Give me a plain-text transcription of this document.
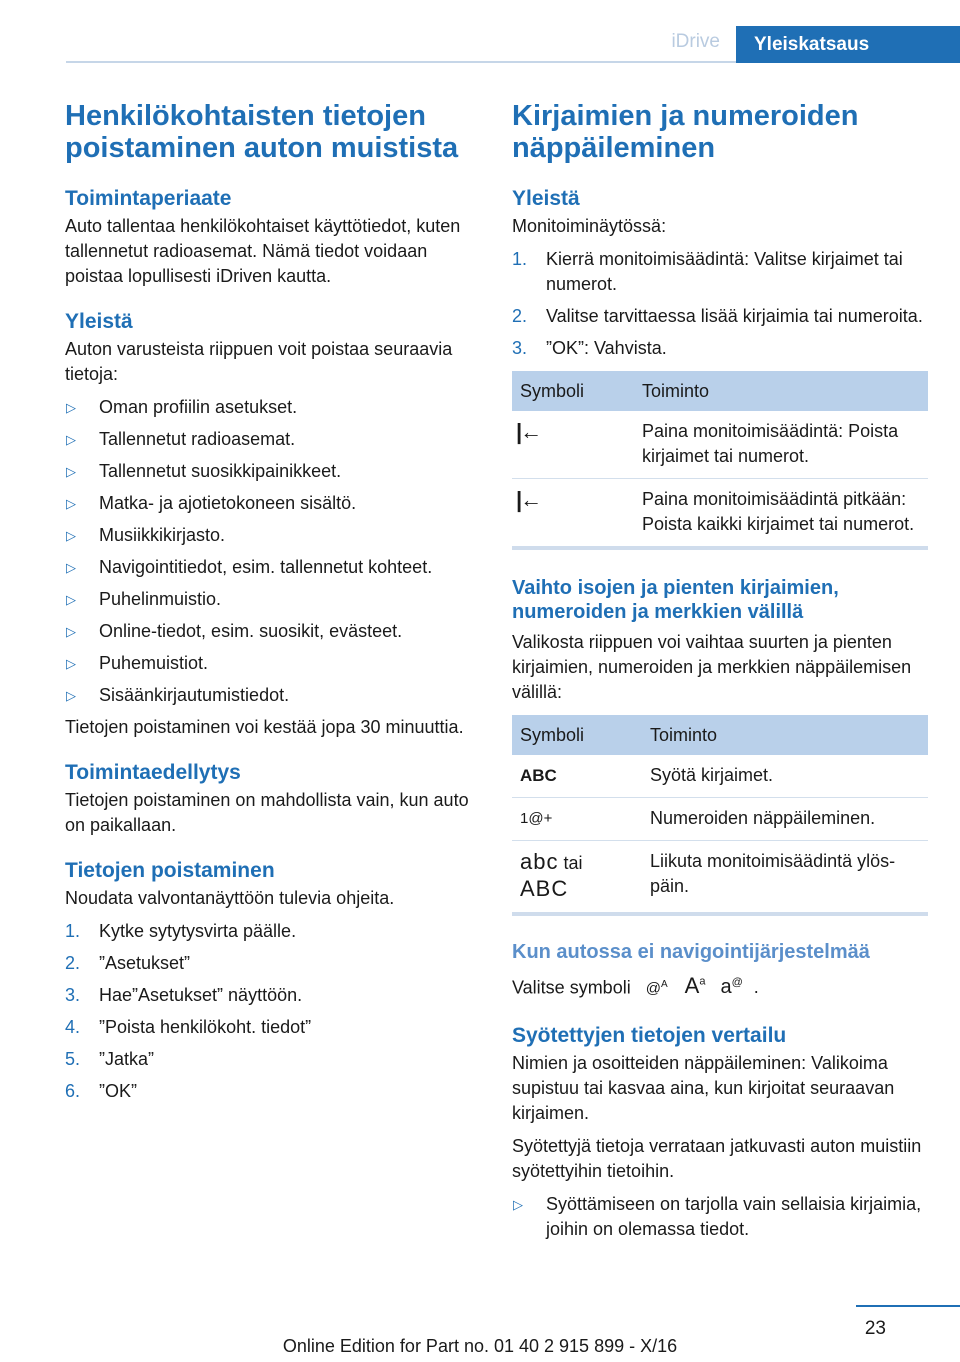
iDrive	Yleiskatsaus
Henkilökohtaisten tietojen poistaminen auton muistista
Toimintaperiaate

Auto tallentaa henkilökohtaiset käyttötiedot, kuten tallennetut radioasemat. Nämä tiedot voidaan poistaa lopullisesti iDriven kautta.

Yleistä

Auton varusteista riippuen voit poistaa seuraavia tietoja:

▷ Oman profiilin asetukset.
▷ Tallennetut radioasemat.
▷ Tallennetut suosikkipainikkeet.
▷ Matka- ja ajotietokoneen sisältö.
▷ Musiikkikirjasto.
▷ Navigointitiedot, esim. tallennetut kohteet.
▷ Puhelinmuistio.
▷ Online-tiedot, esim. suosikit, evästeet.
▷ Puhemuistiot.
▷ Sisäänkirjautumistiedot.

Tietojen poistaminen voi kestää jopa 30 minuuttia.

Toimintaedellytys

Tietojen poistaminen on mahdollista vain, kun auto on paikallaan.

Tietojen poistaminen

Noudata valvontanäyttöön tulevia ohjeita.

1. Kytke sytytysvirta päälle.
2. ”Asetukset”
3. Hae”Asetukset” näyttöön.
4. ”Poista henkilökoht. tiedot”
5. ”Jatka”
6. ”OK”
Kirjaimien ja numeroiden näppäileminen
Yleistä

Monitoiminäytössä:

1. Kierrä monitoimisäädintä: Valitse kirjaimet tai numerot.
2. Valitse tarvittaessa lisää kirjaimia tai numeroita.
3. ”OK”: Vahvista.
Symboli	Toiminto
|←	Paina monitoimisäädintä: Poista kirjaimet tai numerot.
|←	Paina monitoimisäädintä pitkään: Poista kaikki kirjaimet tai numerot.
Vaihto isojen ja pienten kirjaimien, numeroiden ja merkkien välillä

Valikosta riippuen voi vaihtaa suurten ja pienten kirjaimien, numeroiden ja merkkien näppäilemisen välillä:

Symboli	Toiminto
ABC	Syötä kirjaimet.
1@+	Numeroiden näppäileminen.
abc tai
ABC	Liikuta monitoimisäädintä ylöspäin.
Kun autossa ei navigointijärjestelmää

Valitse symboli @$^A$ $A^a$ a@ .

Syötettyjen tietojen vertailu

Nimien ja osoitteiden näppäileminen: Valikoima supistuu tai kasvaa aina, kun kirjoitat seuraavan kirjaimen.

Syötettyjä tietoja verrataan jatkuvasti auton muistiin syötettyihin tietoihin.

▷ Syöttämiseen on tarjolla vain sellaisia kirjaimia, joihin on olemassa tiedot.
23
Online Edition for Part no. 01 40 2 915 899 - X/16
